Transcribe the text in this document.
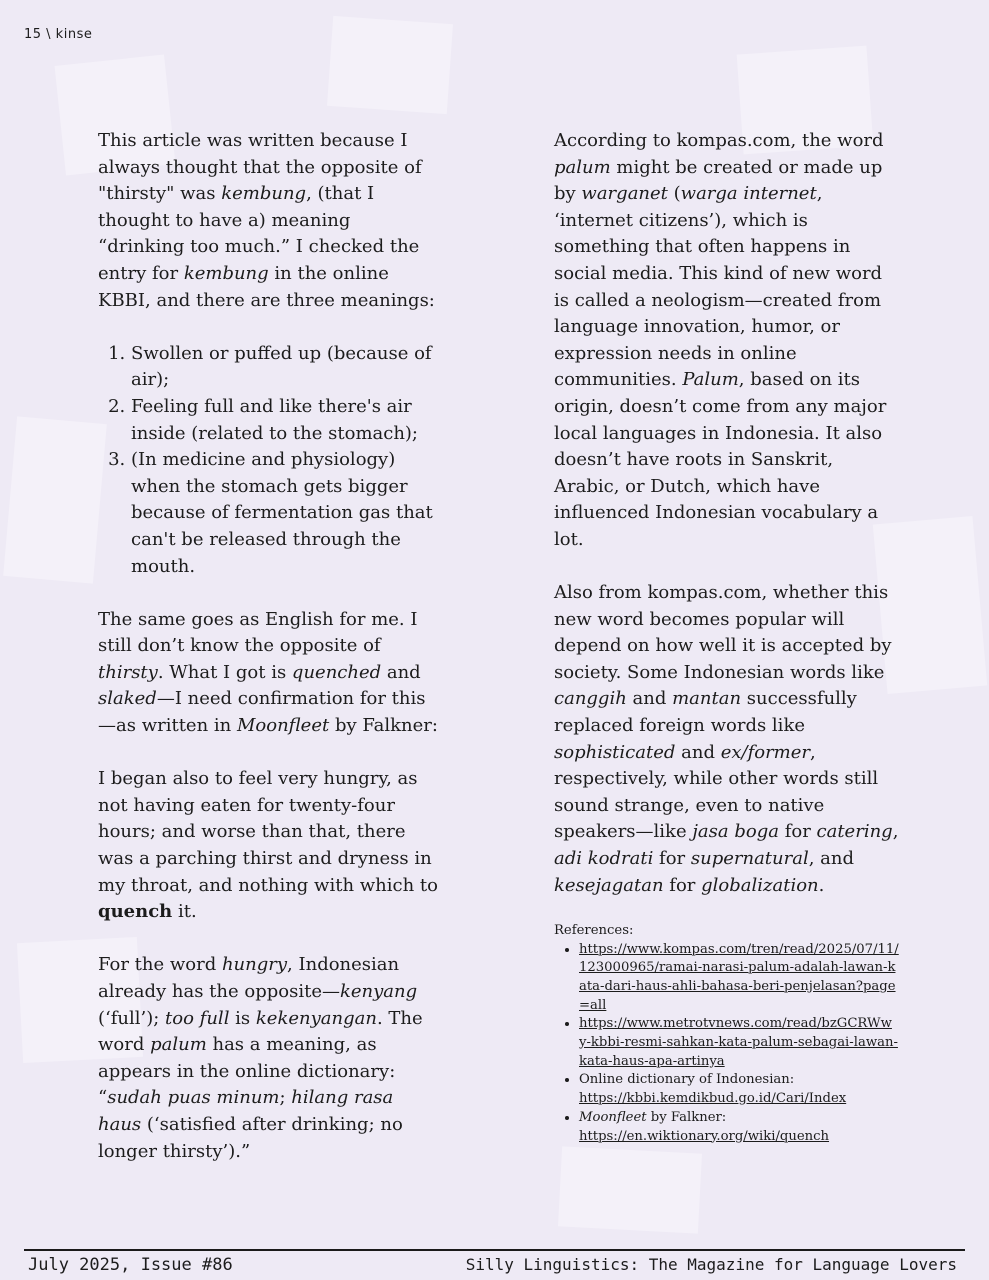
15 \ kinse

This article was written because I always thought that the opposite of "thirsty" was kembung, (that I thought to have a) meaning “drinking too much.” I checked the entry for kembung in the online KBBI, and there are three meanings:

1. Swollen or puffed up (because of air);
2. Feeling full and like there's air inside (related to the stomach);
3. (In medicine and physiology) when the stomach gets bigger because of fermentation gas that can't be released through the mouth.

The same goes as English for me. I still don’t know the opposite of thirsty. What I got is quenched and slaked—I need confirmation for this—as written in Moonfleet by Falkner:

I began also to feel very hungry, as not having eaten for twenty-four hours; and worse than that, there was a parching thirst and dryness in my throat, and nothing with which to quench it.

For the word hungry, Indonesian already has the opposite—kenyang (‘full’); too full is kekenyangan. The word palum has a meaning, as appears in the online dictionary: “sudah puas minum; hilang rasa haus (‘satisfied after drinking; no longer thirsty’).”

According to kompas.com, the word palum might be created or made up by warganet (warga internet, ‘internet citizens’), which is something that often happens in social media. This kind of new word is called a neologism—created from language innovation, humor, or expression needs in online communities. Palum, based on its origin, doesn’t come from any major local languages in Indonesia. It also doesn’t have roots in Sanskrit, Arabic, or Dutch, which have influenced Indonesian vocabulary a lot.

Also from kompas.com, whether this new word becomes popular will depend on how well it is accepted by society. Some Indonesian words like canggih and mantan successfully replaced foreign words like sophisticated and ex/former, respectively, while other words still sound strange, even to native speakers—like jasa boga for catering, adi kodrati for supernatural, and kesejagatan for globalization.

References:
• https://www.kompas.com/tren/read/2025/07/11/123000965/ramai-narasi-palum-adalah-lawan-kata-dari-haus-ahli-bahasa-beri-penjelasan?page=all
• https://www.metrotvnews.com/read/bzGCRWwy-kbbi-resmi-sahkan-kata-palum-sebagai-lawan-kata-haus-apa-artinya
• Online dictionary of Indonesian:
https://kbbi.kemdikbud.go.id/Cari/Index
• Moonfleet by Falkner:
https://en.wiktionary.org/wiki/quench
July 2025, Issue #86	Silly Linguistics: The Magazine for Language Lovers
